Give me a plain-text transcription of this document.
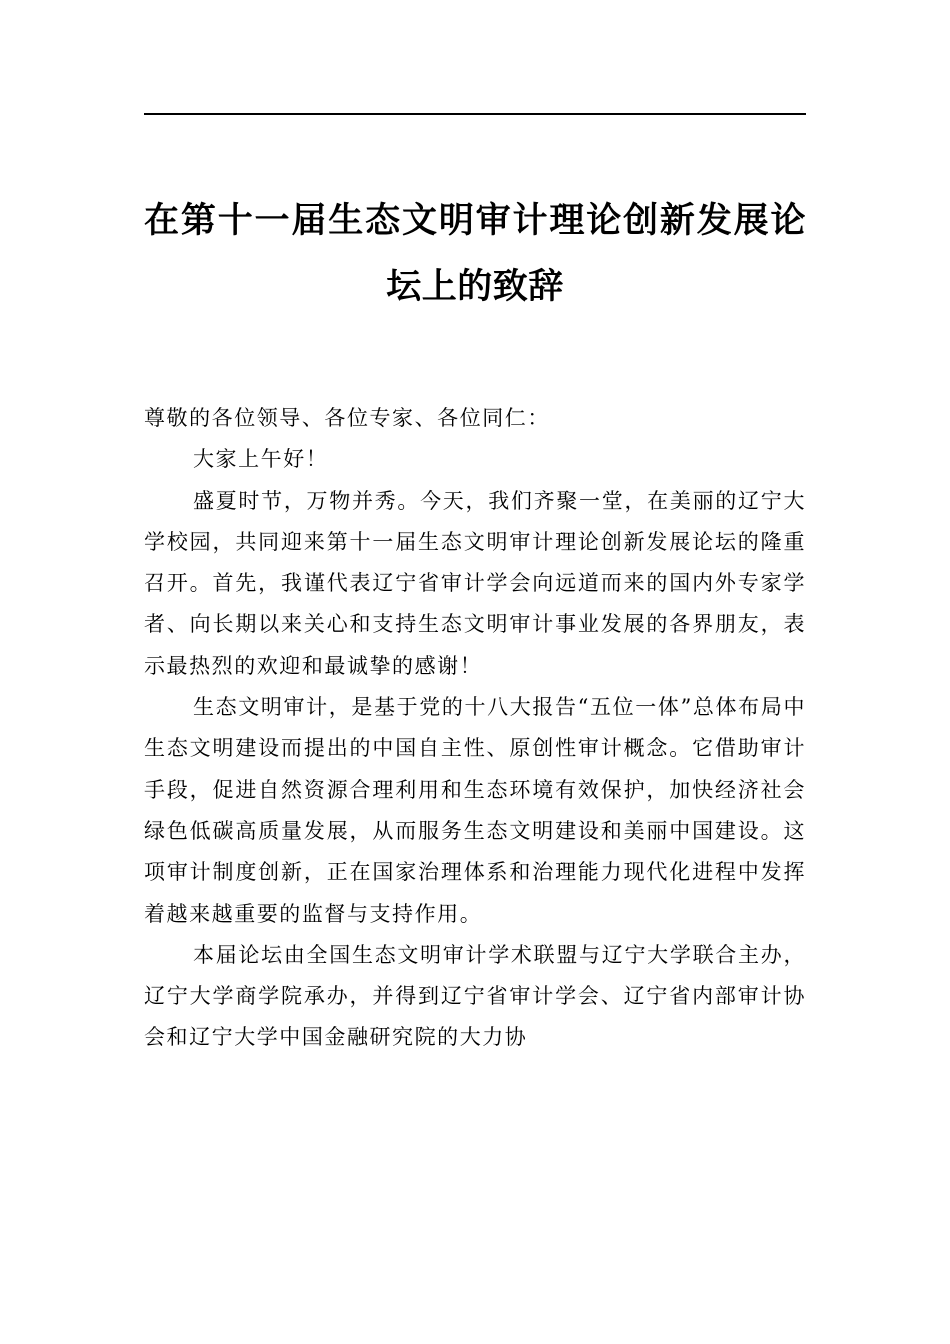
在第十一届生态文明审计理论创新发展论坛上的致辞

尊敬的各位领导、各位专家、各位同仁：

大家上午好！

盛夏时节，万物并秀。今天，我们齐聚一堂，在美丽的辽宁大学校园，共同迎来第十一届生态文明审计理论创新发展论坛的隆重召开。首先，我谨代表辽宁省审计学会向远道而来的国内外专家学者、向长期以来关心和支持生态文明审计事业发展的各界朋友，表示最热烈的欢迎和最诚挚的感谢！

生态文明审计，是基于党的十八大报告“五位一体”总体布局中生态文明建设而提出的中国自主性、原创性审计概念。它借助审计手段，促进自然资源合理利用和生态环境有效保护，加快经济社会绿色低碳高质量发展，从而服务生态文明建设和美丽中国建设。这项审计制度创新，正在国家治理体系和治理能力现代化进程中发挥着越来越重要的监督与支持作用。

本届论坛由全国生态文明审计学术联盟与辽宁大学联合主办，辽宁大学商学院承办，并得到辽宁省审计学会、辽宁省内部审计协会和辽宁大学中国金融研究院的大力协
